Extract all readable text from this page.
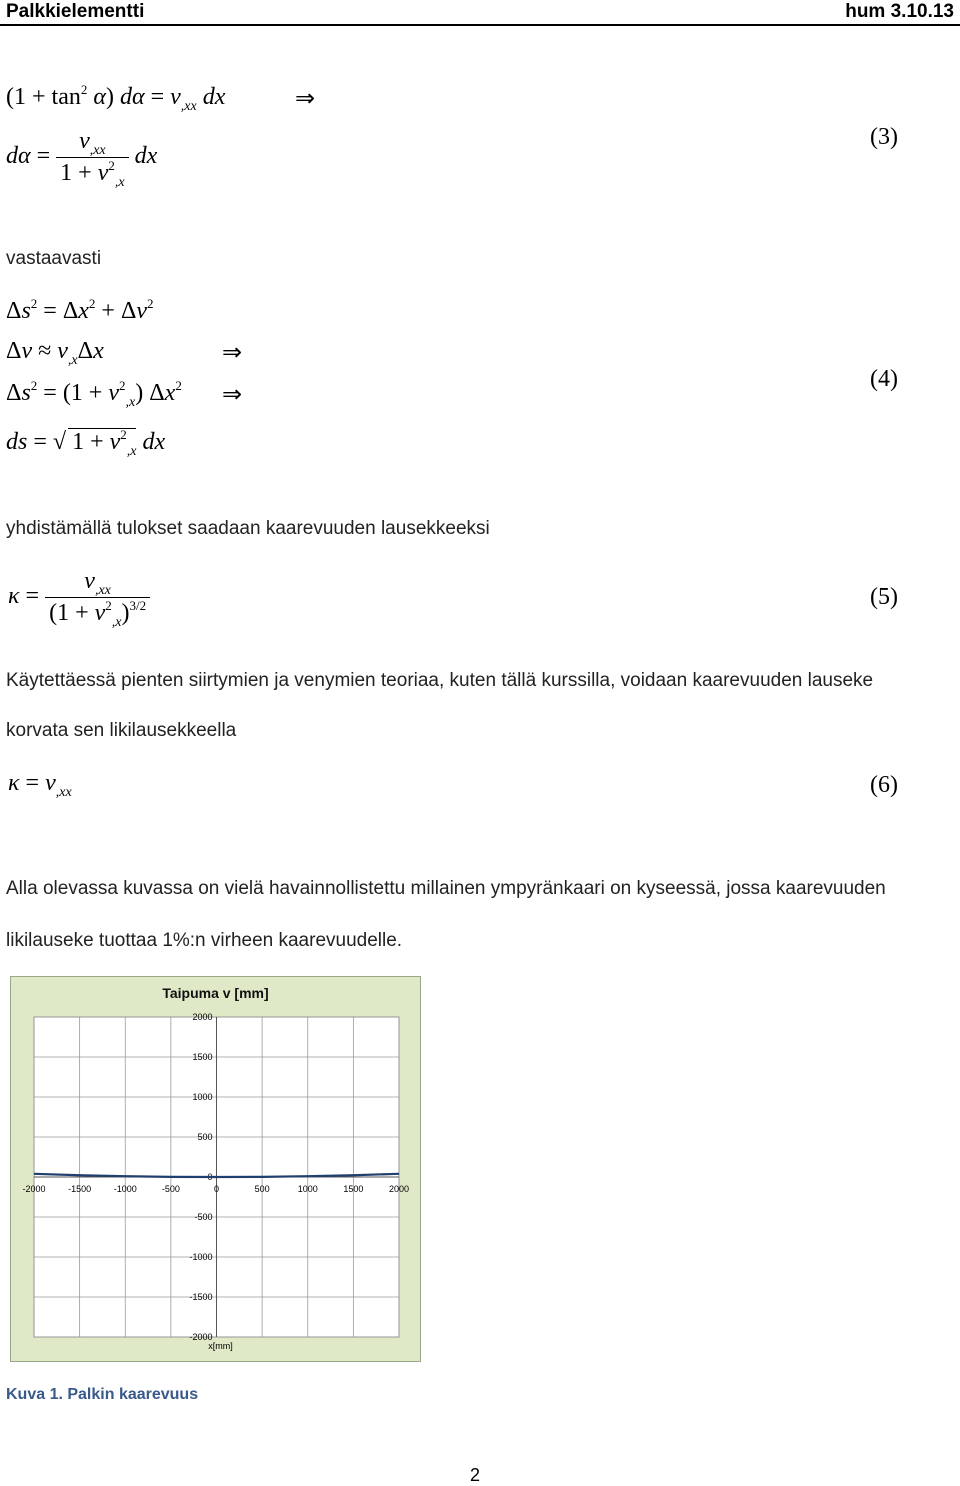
Palkkielementti	hum 3.10.13
$(1 + \tan^2 \alpha)$ $d\alpha = v_{,xx}$ dx	⇒
$d\alpha = \frac{v_{,xx}}{1 + v^2_{,x}}$ dx
(3)
vastaavasti
$\Delta s^2 = \Delta x^2 + \Delta v^2$
$\Delta v \approx v_{,x}\Delta x$	⇒
$\Delta s^2 = (1 + v^2_{,x})$ $\Delta x^2$ ⇒
ds = √ $1 + v^2_{,x}$ dx
(4)
yhdistämällä tulokset saadaan kaarevuuden lausekkeeksi
$\kappa = \frac{v_{,xx}}{(1 + v^2_{,x})^{3/2}}$	(5)
Käytettäessä pienten siirtymien ja venymien teoriaa, kuten tällä kurssilla, voidaan kaarevuuden lauseke
korvata sen likilausekkeella
$\kappa = v_{,xx}$	(6)
Alla olevassa kuvassa on vielä havainnollistettu millainen ympyränkaari on kyseessä, jossa kaarevuuden
likilauseke tuottaa 1%:n virheen kaarevuudelle.
Taipuma v [mm]
-2000	-1500	-1000	-500	0	500	1000	1500	2000
2000
1500
1000
500
0
-500
-1000
-1500
-2000
x[mm]
Kuva 1. Palkin kaarevuus
2
